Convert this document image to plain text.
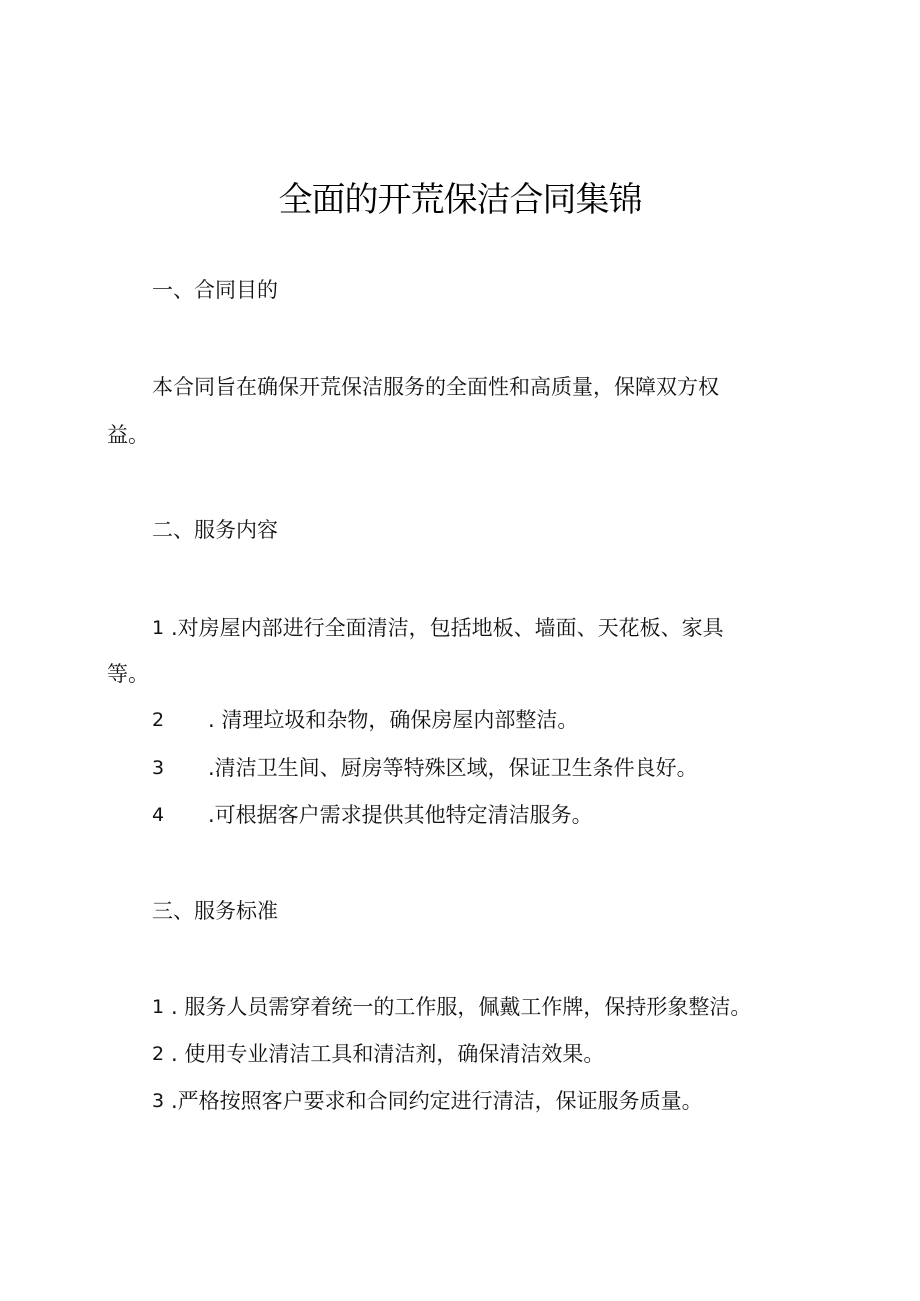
全面的开荒保洁合同集锦
一、合同目的
本合同旨在确保开荒保洁服务的全面性和高质量，保障双方权
益。
二、服务内容
1 .对房屋内部进行全面清洁，包括地板、墙面、天花板、家具
等。
2 . 清理垃圾和杂物，确保房屋内部整洁。
3 .清洁卫生间、厨房等特殊区域，保证卫生条件良好。
4 .可根据客户需求提供其他特定清洁服务。
三、服务标准
1 . 服务人员需穿着统一的工作服，佩戴工作牌，保持形象整洁。
2 . 使用专业清洁工具和清洁剂，确保清洁效果。
3 .严格按照客户要求和合同约定进行清洁，保证服务质量。
